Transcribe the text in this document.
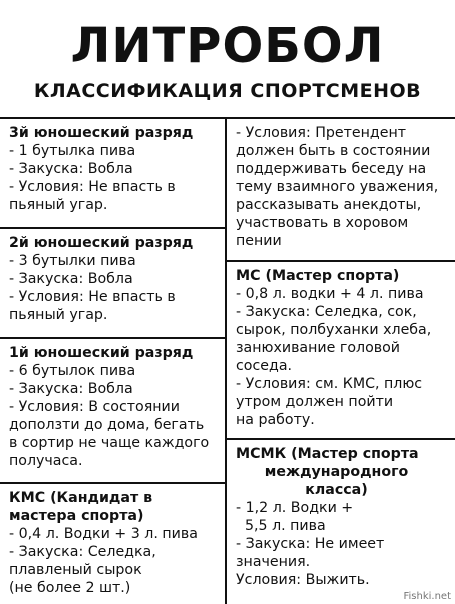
ЛИТРОБОЛ
КЛАССИФИКАЦИЯ СПОРТСМЕНОВ
3й юношеский разряд
- 1 бутылка пива
- Закуска: Вобла
- Условия: Не впасть в
пьяный угар.
2й юношеский разряд
- 3 бутылки пива
- Закуска: Вобла
- Условия: Не впасть в
пьяный угар.
1й юношеский разряд
- 6 бутылок пива
- Закуска: Вобла
- Условия: В состоянии
доползти до дома, бегать
в сортир не чаще каждого
получаса.
КМС (Кандидат в
мастера спорта)
- 0,4 л. Водки + 3 л. пива
- Закуска: Селедка,
плавленый сырок
(не более 2 шт.)
- Условия: Претендент
должен быть в состоянии
поддерживать беседу на
тему взаимного уважения,
рассказывать анекдоты,
участвовать в хоровом
пении
МС (Мастер спорта)
- 0,8 л. водки + 4 л. пива
- Закуска: Селедка, сок,
сырок, полбуханки хлеба,
занюхивание головой
соседа.
- Условия: см. КМС, плюс
утром должен пойти
на работу.
МСМК (Мастер спорта
международного
класса)
- 1,2 л. Водки +
5,5 л. пива
- Закуска: Не имеет
значения.
Условия: Выжить.
Fishki.net
